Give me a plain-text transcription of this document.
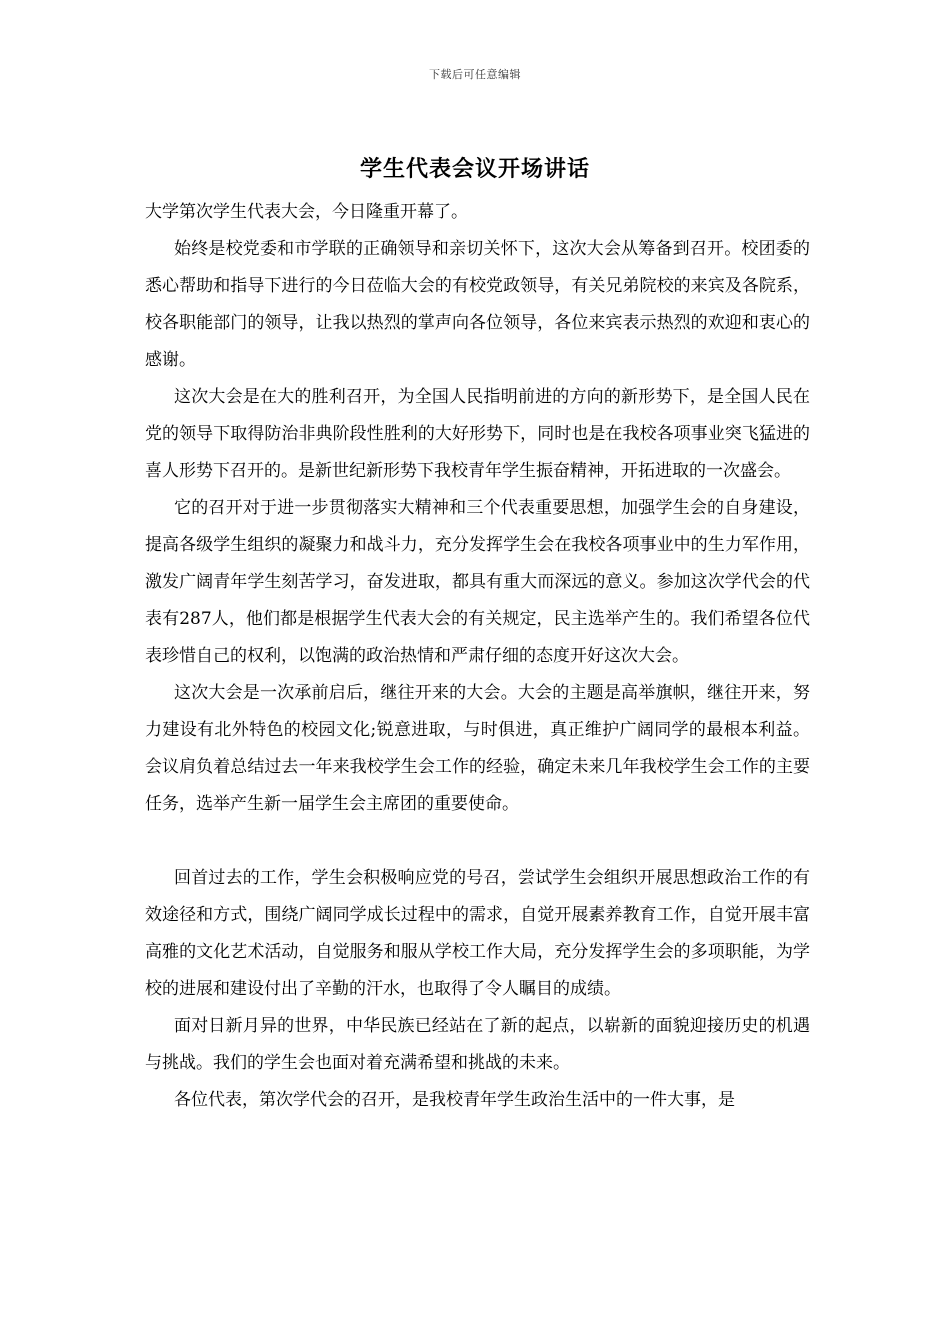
下载后可任意编辑
学生代表会议开场讲话

大学第次学生代表大会，今日隆重开幕了。

始终是校党委和市学联的正确领导和亲切关怀下，这次大会从筹备到召开。校团委的悉心帮助和指导下进行的今日莅临大会的有校党政领导，有关兄弟院校的来宾及各院系，校各职能部门的领导，让我以热烈的掌声向各位领导，各位来宾表示热烈的欢迎和衷心的感谢。

这次大会是在大的胜利召开，为全国人民指明前进的方向的新形势下，是全国人民在党的领导下取得防治非典阶段性胜利的大好形势下，同时也是在我校各项事业突飞猛进的喜人形势下召开的。是新世纪新形势下我校青年学生振奋精神，开拓进取的一次盛会。

它的召开对于进一步贯彻落实大精神和三个代表重要思想，加强学生会的自身建设，提高各级学生组织的凝聚力和战斗力，充分发挥学生会在我校各项事业中的生力军作用，激发广阔青年学生刻苦学习，奋发进取，都具有重大而深远的意义。参加这次学代会的代表有287人，他们都是根据学生代表大会的有关规定，民主选举产生的。我们希望各位代表珍惜自己的权利，以饱满的政治热情和严肃仔细的态度开好这次大会。

这次大会是一次承前启后，继往开来的大会。大会的主题是高举旗帜，继往开来，努力建设有北外特色的校园文化;锐意进取，与时俱进，真正维护广阔同学的最根本利益。会议肩负着总结过去一年来我校学生会工作的经验，确定未来几年我校学生会工作的主要任务，选举产生新一届学生会主席团的重要使命。

回首过去的工作，学生会积极响应党的号召，尝试学生会组织开展思想政治工作的有效途径和方式，围绕广阔同学成长过程中的需求，自觉开展素养教育工作，自觉开展丰富高雅的文化艺术活动，自觉服务和服从学校工作大局，充分发挥学生会的多项职能，为学校的进展和建设付出了辛勤的汗水，也取得了令人瞩目的成绩。

面对日新月异的世界，中华民族已经站在了新的起点，以崭新的面貌迎接历史的机遇与挑战。我们的学生会也面对着充满希望和挑战的未来。

各位代表，第次学代会的召开，是我校青年学生政治生活中的一件大事，是
